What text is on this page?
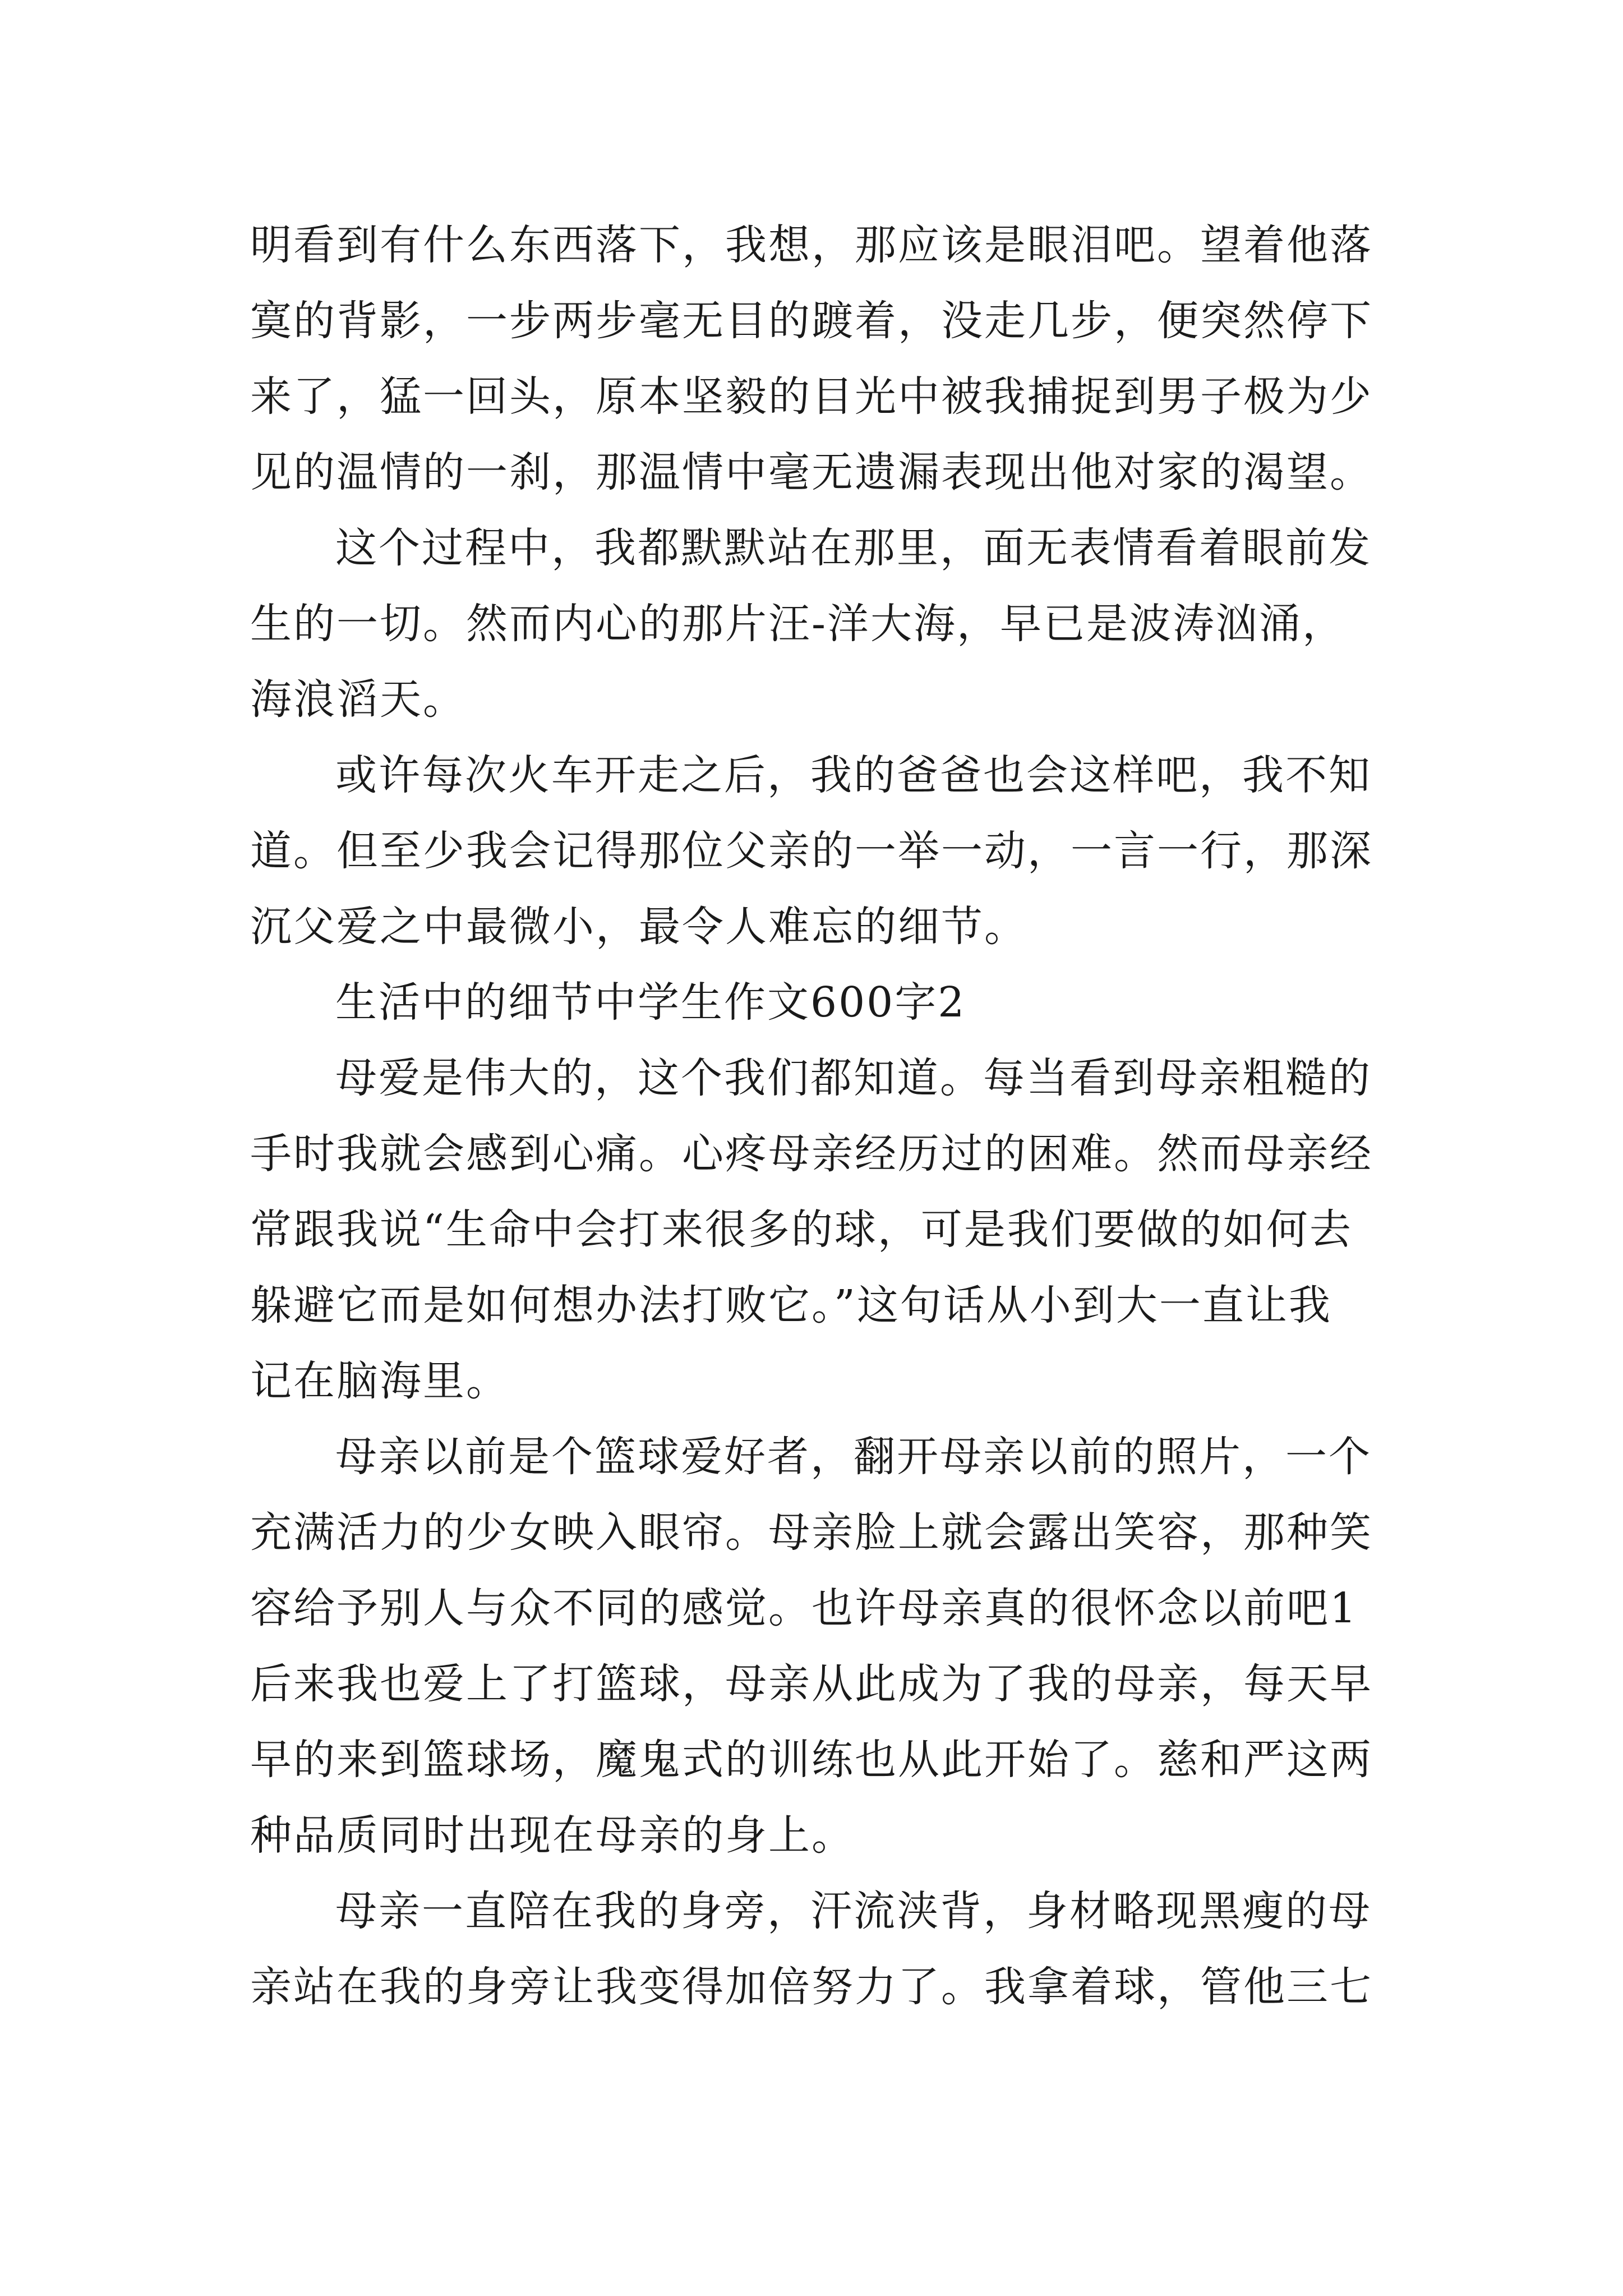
明看到有什么东西落下，我想，那应该是眼泪吧。望着他落
寞的背影，一步两步毫无目的踱着，没走几步，便突然停下
来了，猛一回头，原本坚毅的目光中被我捕捉到男子极为少
见的温情的一刹，那温情中毫无遗漏表现出他对家的渴望。
这个过程中，我都默默站在那里，面无表情看着眼前发
生的一切。然而内心的那片汪-洋大海，早已是波涛汹涌，
海浪滔天。
或许每次火车开走之后，我的爸爸也会这样吧，我不知
道。但至少我会记得那位父亲的一举一动，一言一行，那深
沉父爱之中最微小，最令人难忘的细节。
生活中的细节中学生作文600字2
母爱是伟大的，这个我们都知道。每当看到母亲粗糙的
手时我就会感到心痛。心疼母亲经历过的困难。然而母亲经
常跟我说“生命中会打来很多的球，可是我们要做的如何去
躲避它而是如何想办法打败它。”这句话从小到大一直让我
记在脑海里。
母亲以前是个篮球爱好者，翻开母亲以前的照片，一个
充满活力的少女映入眼帘。母亲脸上就会露出笑容，那种笑
容给予别人与众不同的感觉。也许母亲真的很怀念以前吧1
后来我也爱上了打篮球，母亲从此成为了我的母亲，每天早
早的来到篮球场，魔鬼式的训练也从此开始了。慈和严这两
种品质同时出现在母亲的身上。
母亲一直陪在我的身旁，汗流浃背，身材略现黑瘦的母
亲站在我的身旁让我变得加倍努力了。我拿着球，管他三七
